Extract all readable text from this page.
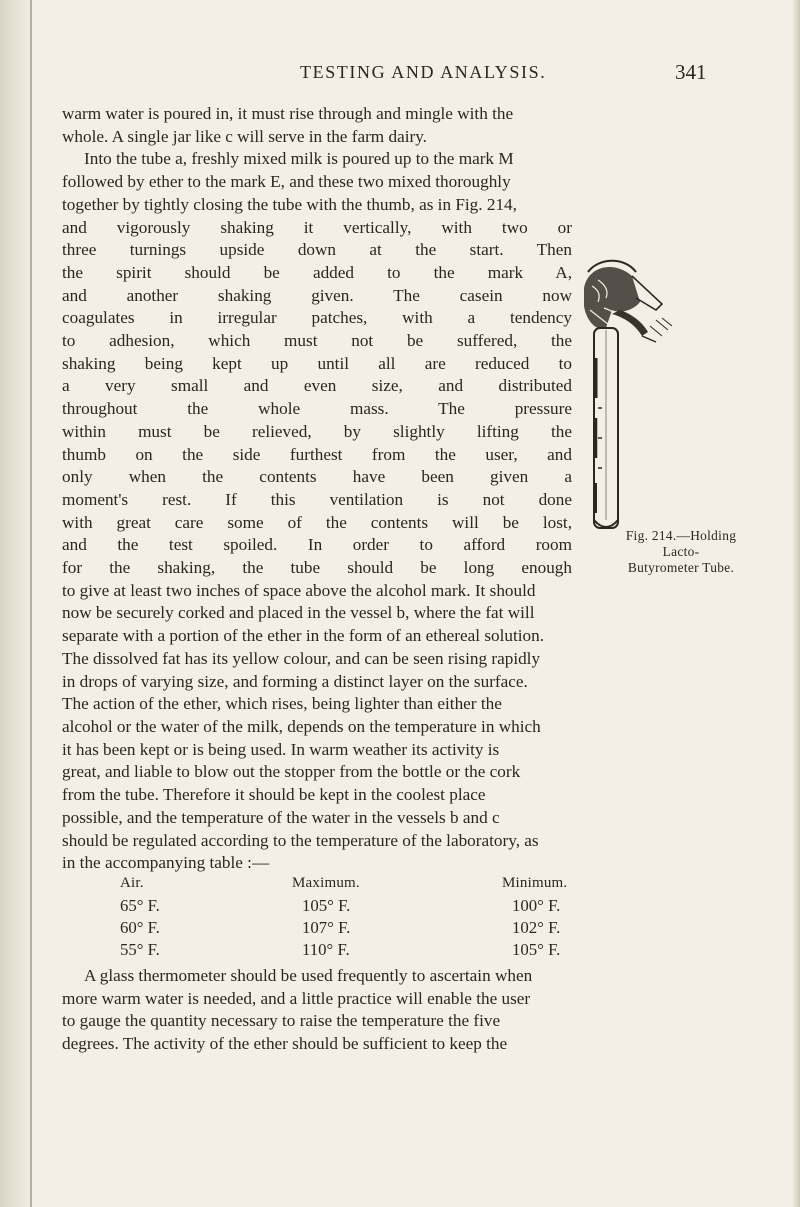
TESTING AND ANALYSIS.	341

warm water is poured in, it must rise through and mingle with the
whole. A single jar like c will serve in the farm dairy.

Into the tube a, freshly mixed milk is poured up to the mark M
followed by ether to the mark E, and these two mixed thoroughly
together by tightly closing the tube with the thumb, as in Fig. 214,
and vigorously shaking it vertically, with two or
three turnings upside down at the start. Then
the spirit should be added to the mark A,
and another shaking given. The casein now
coagulates in irregular patches, with a tendency
to adhesion, which must not be suffered, the
shaking being kept up until all are reduced to
a very small and even size, and distributed
throughout the whole mass. The pressure
within must be relieved, by slightly lifting the
thumb on the side furthest from the user, and
only when the contents have been given a
moment's rest. If this ventilation is not done
with great care some of the contents will be lost,
and the test spoiled. In order to afford room
for the shaking, the tube should be long enough
to give at least two inches of space above the alcohol mark. It should
now be securely corked and placed in the vessel b, where the fat will
separate with a portion of the ether in the form of an ethereal solution.
The dissolved fat has its yellow colour, and can be seen rising rapidly
in drops of varying size, and forming a distinct layer on the surface.
The action of the ether, which rises, being lighter than either the
alcohol or the water of the milk, depends on the temperature in which
it has been kept or is being used. In warm weather its activity is
great, and liable to blow out the stopper from the bottle or the cork
from the tube. Therefore it should be kept in the coolest place
possible, and the temperature of the water in the vessels b and c
should be regulated according to the temperature of the laboratory, as
in the accompanying table :—

Fig. 214.—Holding Lacto-
Butyrometer Tube.
Air.
65° F.
60° F.
55° F.
Maximum.
105° F.
107° F.
110° F.
Minimum.
100° F.
102° F.
105° F.

A glass thermometer should be used frequently to ascertain when
more warm water is needed, and a little practice will enable the user
to gauge the quantity necessary to raise the temperature the five
degrees. The activity of the ether should be sufficient to keep the
